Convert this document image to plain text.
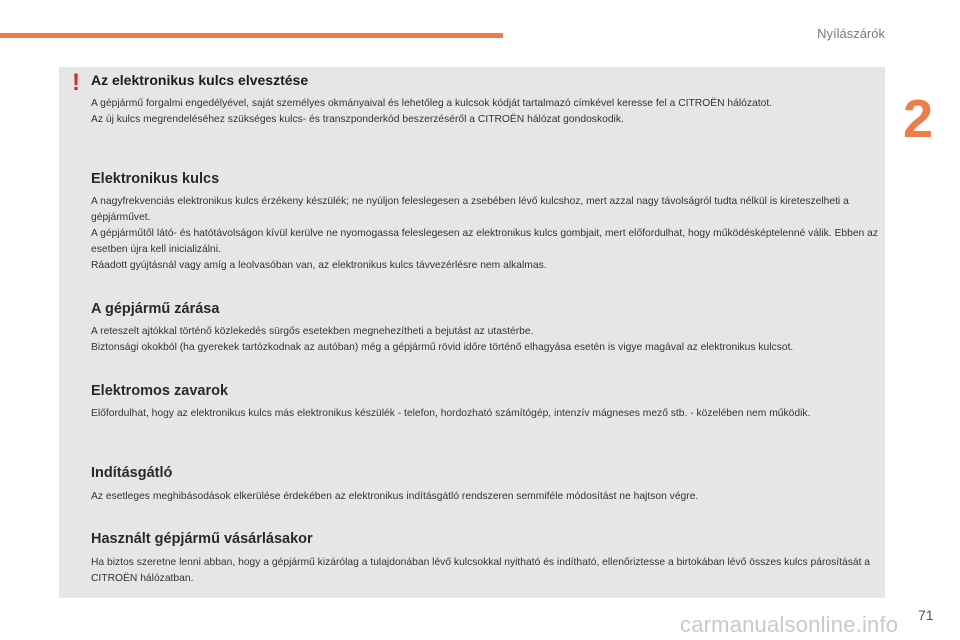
Nyílászárók
2
! Az elektronikus kulcs elvesztése

A gépjármű forgalmi engedélyével, saját személyes okmányaival és lehetőleg a kulcsok kódját tartalmazó címkével keresse fel a CITROËN hálózatot.

Az új kulcs megrendeléséhez szükséges kulcs- és transzponderkód beszerzéséről a CITROËN hálózat gondoskodik.

Elektronikus kulcs

A nagyfrekvenciás elektronikus kulcs érzékeny készülék; ne nyúljon feleslegesen a zsebében lévő kulcshoz, mert azzal nagy távolságról tudta nélkül is kireteszelheti a gépjárművet.

A gépjárműtől látó- és hatótávolságon kívül kerülve ne nyomogassa feleslegesen az elektronikus kulcs gombjait, mert előfordulhat, hogy működésképtelenné válik. Ebben az esetben újra kell inicializálni.

Ráadott gyújtásnál vagy amíg a leolvasóban van, az elektronikus kulcs távvezérlésre nem alkalmas.

A gépjármű zárása

A reteszelt ajtókkal történő közlekedés sürgős esetekben megnehezítheti a bejutást az utastérbe.

Biztonsági okokból (ha gyerekek tartózkodnak az autóban) még a gépjármű rövid időre történő elhagyása esetén is vigye magával az elektronikus kulcsot.

Elektromos zavarok

Előfordulhat, hogy az elektronikus kulcs más elektronikus készülék - telefon, hordozható számítógép, intenzív mágneses mező stb. - közelében nem működik.

Indításgátló

Az esetleges meghibásodások elkerülése érdekében az elektronikus indításgátló rendszeren semmiféle módosítást ne hajtson végre.

Használt gépjármű vásárlásakor

Ha biztos szeretne lenni abban, hogy a gépjármű kizárólag a tulajdonában lévő kulcsokkal nyitható és indítható, ellenőriztesse a birtokában lévő összes kulcs párosítását a CITROËN hálózatban.

carmanualsonline.info 71
